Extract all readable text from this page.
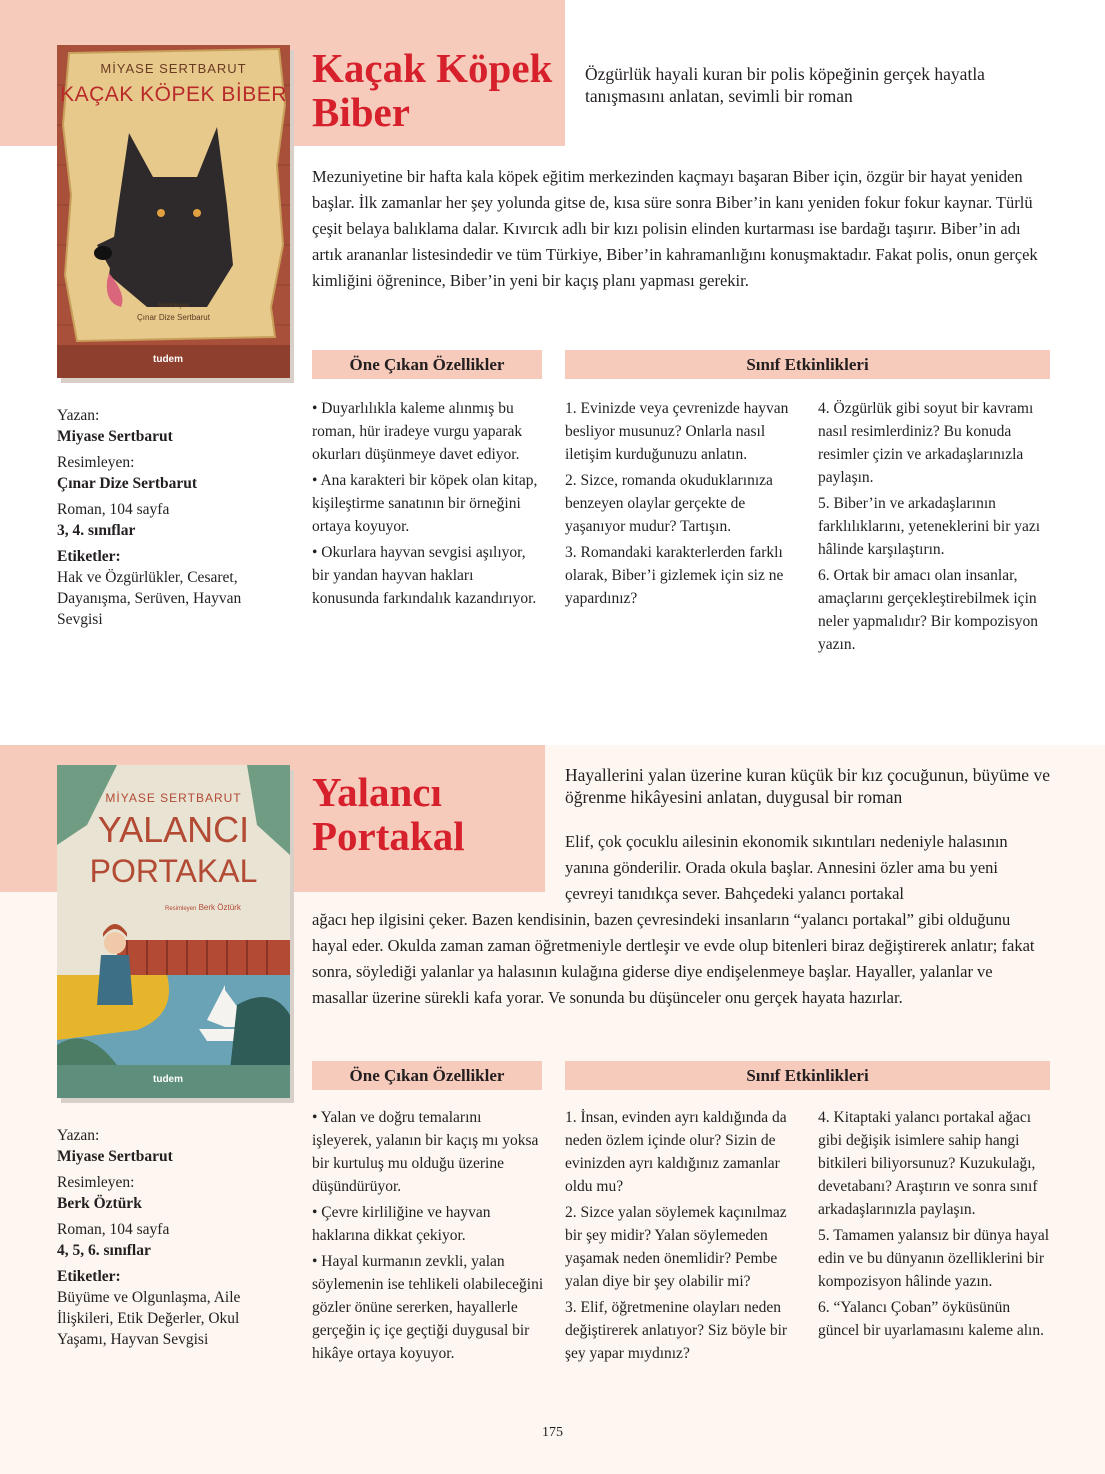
MİYASE SERTBARUT
KAÇAK KÖPEK BİBER
Resimleyen
Çınar Dize Sertbarut
tudem
Kaçak Köpek
Biber
Özgürlük hayali kuran bir polis köpeğinin gerçek hayatla tanışmasını anlatan, sevimli bir roman
Mezuniyetine bir hafta kala köpek eğitim merkezinden kaçmayı başaran Biber için, özgür bir hayat yeniden başlar. İlk zamanlar her şey yolunda gitse de, kısa süre sonra Biber’in kanı yeniden fokur fokur kaynar. Türlü çeşit belaya balıklama dalar. Kıvırcık adlı bir kızı polisin elinden kurtarması ise bardağı taşırır. Biber’in adı artık arananlar listesindedir ve tüm Türkiye, Biber’in kahramanlığını konuşmaktadır. Fakat polis, onun gerçek kimliğini öğrenince, Biber’in yeni bir kaçış planı yapması gerekir.
Öne Çıkan Özellikler	Sınıf Etkinlikleri
Yazan:
Miyase Sertbarut
Resimleyen:
Çınar Dize Sertbarut
Roman, 104 sayfa
3, 4. sınıflar
Etiketler:
Hak ve Özgürlükler, Cesaret, Dayanışma, Serüven, Hayvan Sevgisi

• Duyarlılıkla kaleme alınmış bu roman, hür iradeye vurgu yaparak okurları düşünmeye davet ediyor.

• Ana karakteri bir köpek olan kitap, kişileştirme sanatının bir örneğini ortaya koyuyor.

• Okurlara hayvan sevgisi aşılıyor, bir yandan hayvan hakları konusunda farkındalık kazandırıyor.

1. Evinizde veya çevrenizde hayvan besliyor musunuz? Onlarla nasıl iletişim kurduğunuzu anlatın.

2. Sizce, romanda okuduklarınıza benzeyen olaylar gerçekte de yaşanıyor mudur? Tartışın.

3. Romandaki karakterlerden farklı olarak, Biber’i gizlemek için siz ne yapardınız?

4. Özgürlük gibi soyut bir kavramı nasıl resimlerdiniz? Bu konuda resimler çizin ve arkadaşlarınızla paylaşın.

5. Biber’in ve arkadaşlarının farklılıklarını, yeteneklerini bir yazı hâlinde karşılaştırın.

6. Ortak bir amacı olan insanlar, amaçlarını gerçekleştirebilmek için neler yapmalıdır? Bir kompozisyon yazın.

MİYASE SERTBARUT
YALANCI
PORTAKAL
Resimleyen Berk Öztürk
tudem
Yalancı
Portakal
Hayallerini yalan üzerine kuran küçük bir kız çocuğunun, büyüme ve öğrenme hikâyesini anlatan, duygusal bir roman
Elif, çok çocuklu ailesinin ekonomik sıkıntıları nedeniyle halasının yanına gönderilir. Orada okula başlar. Annesini özler ama bu yeni çevreyi tanıdıkça sever. Bahçedeki yalancı portakal
ağacı hep ilgisini çeker. Bazen kendisinin, bazen çevresindeki insanların “yalancı portakal” gibi olduğunu hayal eder. Okulda zaman zaman öğretmeniyle dertleşir ve evde olup bitenleri biraz değiştirerek anlatır; fakat sonra, söylediği yalanlar ya halasının kulağına giderse diye endişelenmeye başlar. Hayaller, yalanlar ve masallar üzerine sürekli kafa yorar. Ve sonunda bu düşünceler onu gerçek hayata hazırlar.
Öne Çıkan Özellikler	Sınıf Etkinlikleri
Yazan:
Miyase Sertbarut
Resimleyen:
Berk Öztürk
Roman, 104 sayfa
4, 5, 6. sınıflar
Etiketler:
Büyüme ve Olgunlaşma, Aile İlişkileri, Etik Değerler, Okul Yaşamı, Hayvan Sevgisi

• Yalan ve doğru temalarını işleyerek, yalanın bir kaçış mı yoksa bir kurtuluş mu olduğu üzerine düşündürüyor.

• Çevre kirliliğine ve hayvan haklarına dikkat çekiyor.

• Hayal kurmanın zevkli, yalan söylemenin ise tehlikeli olabileceğini gözler önüne sererken, hayallerle gerçeğin iç içe geçtiği duygusal bir hikâye ortaya koyuyor.

1. İnsan, evinden ayrı kaldığında da neden özlem içinde olur? Sizin de evinizden ayrı kaldığınız zamanlar oldu mu?

2. Sizce yalan söylemek kaçınılmaz bir şey midir? Yalan söylemeden yaşamak neden önemlidir? Pembe yalan diye bir şey olabilir mi?

3. Elif, öğretmenine olayları neden değiştirerek anlatıyor? Siz böyle bir şey yapar mıydınız?

4. Kitaptaki yalancı portakal ağacı gibi değişik isimlere sahip hangi bitkileri biliyorsunuz? Kuzukulağı, devetabanı? Araştırın ve sonra sınıf arkadaşlarınızla paylaşın.

5. Tamamen yalansız bir dünya hayal edin ve bu dünyanın özelliklerini bir kompozisyon hâlinde yazın.

6. “Yalancı Çoban” öyküsünün güncel bir uyarlamasını kaleme alın.

175
